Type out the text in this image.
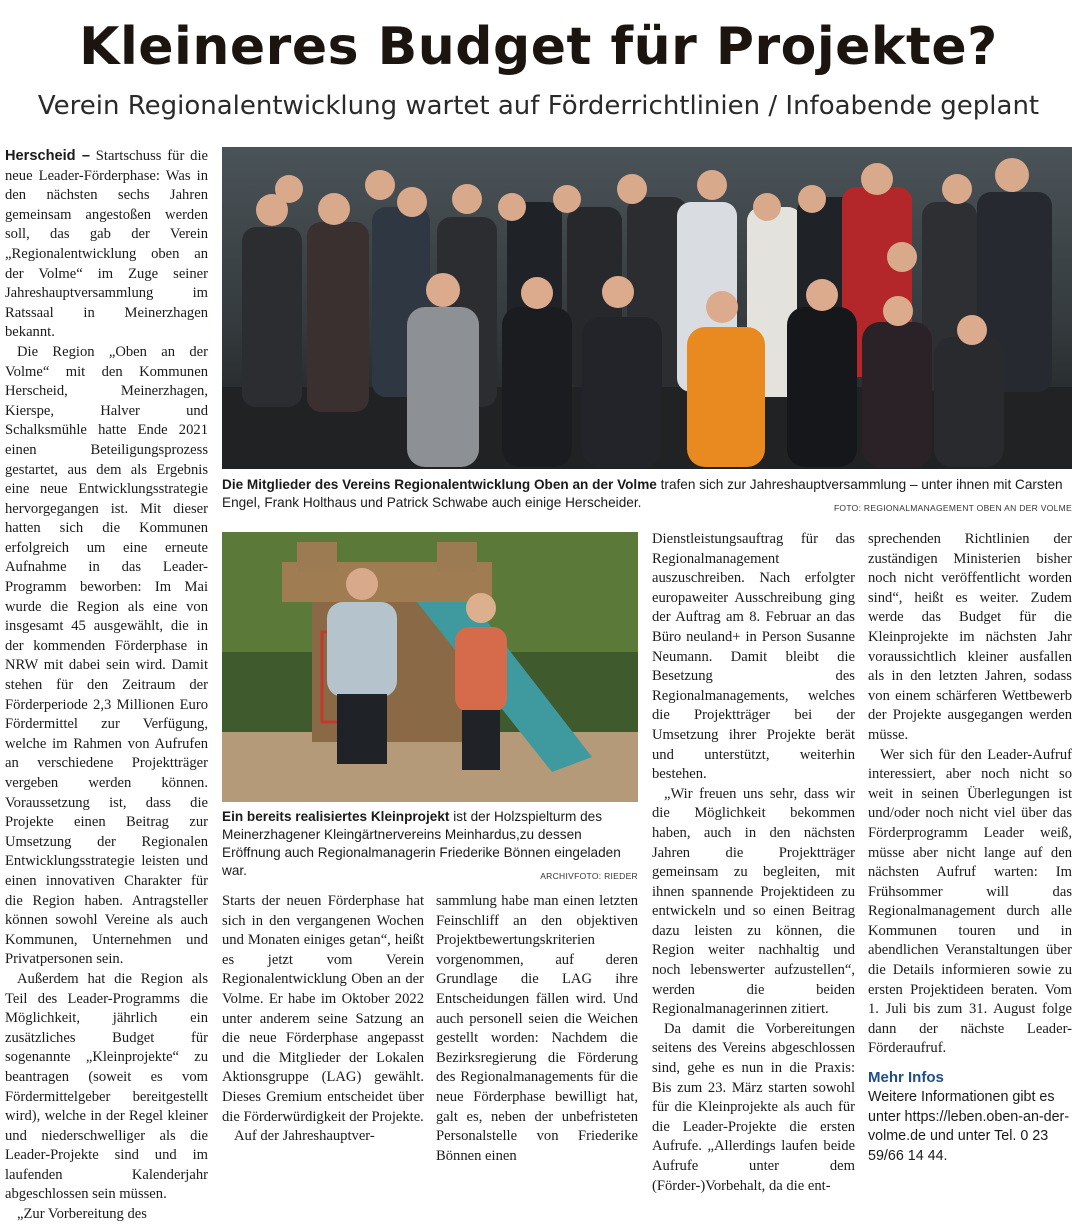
Kleineres Budget für Projekte?
Verein Regionalentwicklung wartet auf Förderrichtlinien / Infoabende geplant

Herscheid – Startschuss für die neue Leader-Förderphase: Was in den nächsten sechs Jahren gemeinsam angestoßen werden soll, das gab der Verein „Regionalentwicklung oben an der Volme“ im Zuge seiner Jahreshauptversammlung im Ratssaal in Meinerzhagen bekannt.

Die Region „Oben an der Volme“ mit den Kommunen Herscheid, Meinerzhagen, Kierspe, Halver und Schalksmühle hatte Ende 2021 einen Beteiligungsprozess gestartet, aus dem als Ergebnis eine neue Entwicklungsstrategie hervorgegangen ist. Mit dieser hatten sich die Kommunen erfolgreich um eine erneute Aufnahme in das Leader-Programm beworben: Im Mai wurde die Region als eine von insgesamt 45 ausgewählt, die in der kommenden Förderphase in NRW mit dabei sein wird. Damit stehen für den Zeitraum der Förderperiode 2,3 Millionen Euro Fördermittel zur Verfügung, welche im Rahmen von Aufrufen an verschiedene Projektträger vergeben werden können. Voraussetzung ist, dass die Projekte einen Beitrag zur Umsetzung der Regionalen Entwicklungsstrategie leisten und einen innovativen Charakter für die Region haben. Antragsteller können sowohl Vereine als auch Kommunen, Unternehmen und Privatpersonen sein.

Außerdem hat die Region als Teil des Leader-Programms die Möglichkeit, jährlich ein zusätzliches Budget für sogenannte „Kleinprojekte“ zu beantragen (soweit es vom Fördermittelgeber bereitgestellt wird), welche in der Regel kleiner und niederschwelliger als die Leader-Projekte sind und im laufenden Kalenderjahr abgeschlossen sein müssen.

„Zur Vorbereitung des

Die Mitglieder des Vereins Regionalentwicklung Oben an der Volme trafen sich zur Jahreshauptversammlung – unter ihnen mit Carsten Engel, Frank Holthaus und Patrick Schwabe auch einige Herscheider.	FOTO: REGIONALMANAGEMENT OBEN AN DER VOLME
Ein bereits realisiertes Kleinprojekt ist der Holzspielturm des Meinerzhagener Kleingärtnervereins Meinhardus,zu dessen Eröffnung auch Regionalmanagerin Friederike Bönnen eingeladen war.	ARCHIVFOTO: RIEDER

Starts der neuen Förderphase hat sich in den vergangenen Wochen und Monaten einiges getan“, heißt es jetzt vom Verein Regionalentwicklung Oben an der Volme. Er habe im Oktober 2022 unter anderem seine Satzung an die neue Förderphase angepasst und die Mitglieder der Lokalen Aktionsgruppe (LAG) gewählt. Dieses Gremium entscheidet über die Förderwürdigkeit der Projekte.

Auf der Jahreshauptver-

sammlung habe man einen letzten Feinschliff an den objektiven Projektbewertungskriterien vorgenommen, auf deren Grundlage die LAG ihre Entscheidungen fällen wird. Und auch personell seien die Weichen gestellt worden: Nachdem die Bezirksregierung die Förderung des Regionalmanagements für die neue Förderphase bewilligt hat, galt es, neben der unbefristeten Personalstelle von Friederike Bönnen einen

Dienstleistungsauftrag für das Regionalmanagement auszuschreiben. Nach erfolgter europaweiter Ausschreibung ging der Auftrag am 8. Februar an das Büro neuland+ in Person Susanne Neumann. Damit bleibt die Besetzung des Regionalmanagements, welches die Projektträger bei der Umsetzung ihrer Projekte berät und unterstützt, weiterhin bestehen.

„Wir freuen uns sehr, dass wir die Möglichkeit bekommen haben, auch in den nächsten Jahren die Projektträger gemeinsam zu begleiten, mit ihnen spannende Projektideen zu entwickeln und so einen Beitrag dazu leisten zu können, die Region weiter nachhaltig und noch lebenswerter aufzustellen“, werden die beiden Regionalmanagerinnen zitiert.

Da damit die Vorbereitungen seitens des Vereins abgeschlossen sind, gehe es nun in die Praxis: Bis zum 23. März starten sowohl für die Kleinprojekte als auch für die Leader-Projekte die ersten Aufrufe. „Allerdings laufen beide Aufrufe unter dem (Förder-)Vorbehalt, da die ent-

sprechenden Richtlinien der zuständigen Ministerien bisher noch nicht veröffentlicht worden sind“, heißt es weiter. Zudem werde das Budget für die Kleinprojekte im nächsten Jahr voraussichtlich kleiner ausfallen als in den letzten Jahren, sodass von einem schärferen Wettbewerb der Projekte ausgegangen werden müsse.

Wer sich für den Leader-Aufruf interessiert, aber noch nicht so weit in seinen Überlegungen ist und/oder noch nicht viel über das Förderprogramm Leader weiß, müsse aber nicht lange auf den nächsten Aufruf warten: Im Frühsommer will das Regionalmanagement durch alle Kommunen touren und in abendlichen Veranstaltungen über die Details informieren sowie zu ersten Projektideen beraten. Vom 1. Juli bis zum 31. August folge dann der nächste Leader-Förderaufruf.

Mehr Infos
Weitere Informationen gibt es unter https://leben.oben-an-der-volme.de und unter Tel. 0 23 59/66 14 44.
